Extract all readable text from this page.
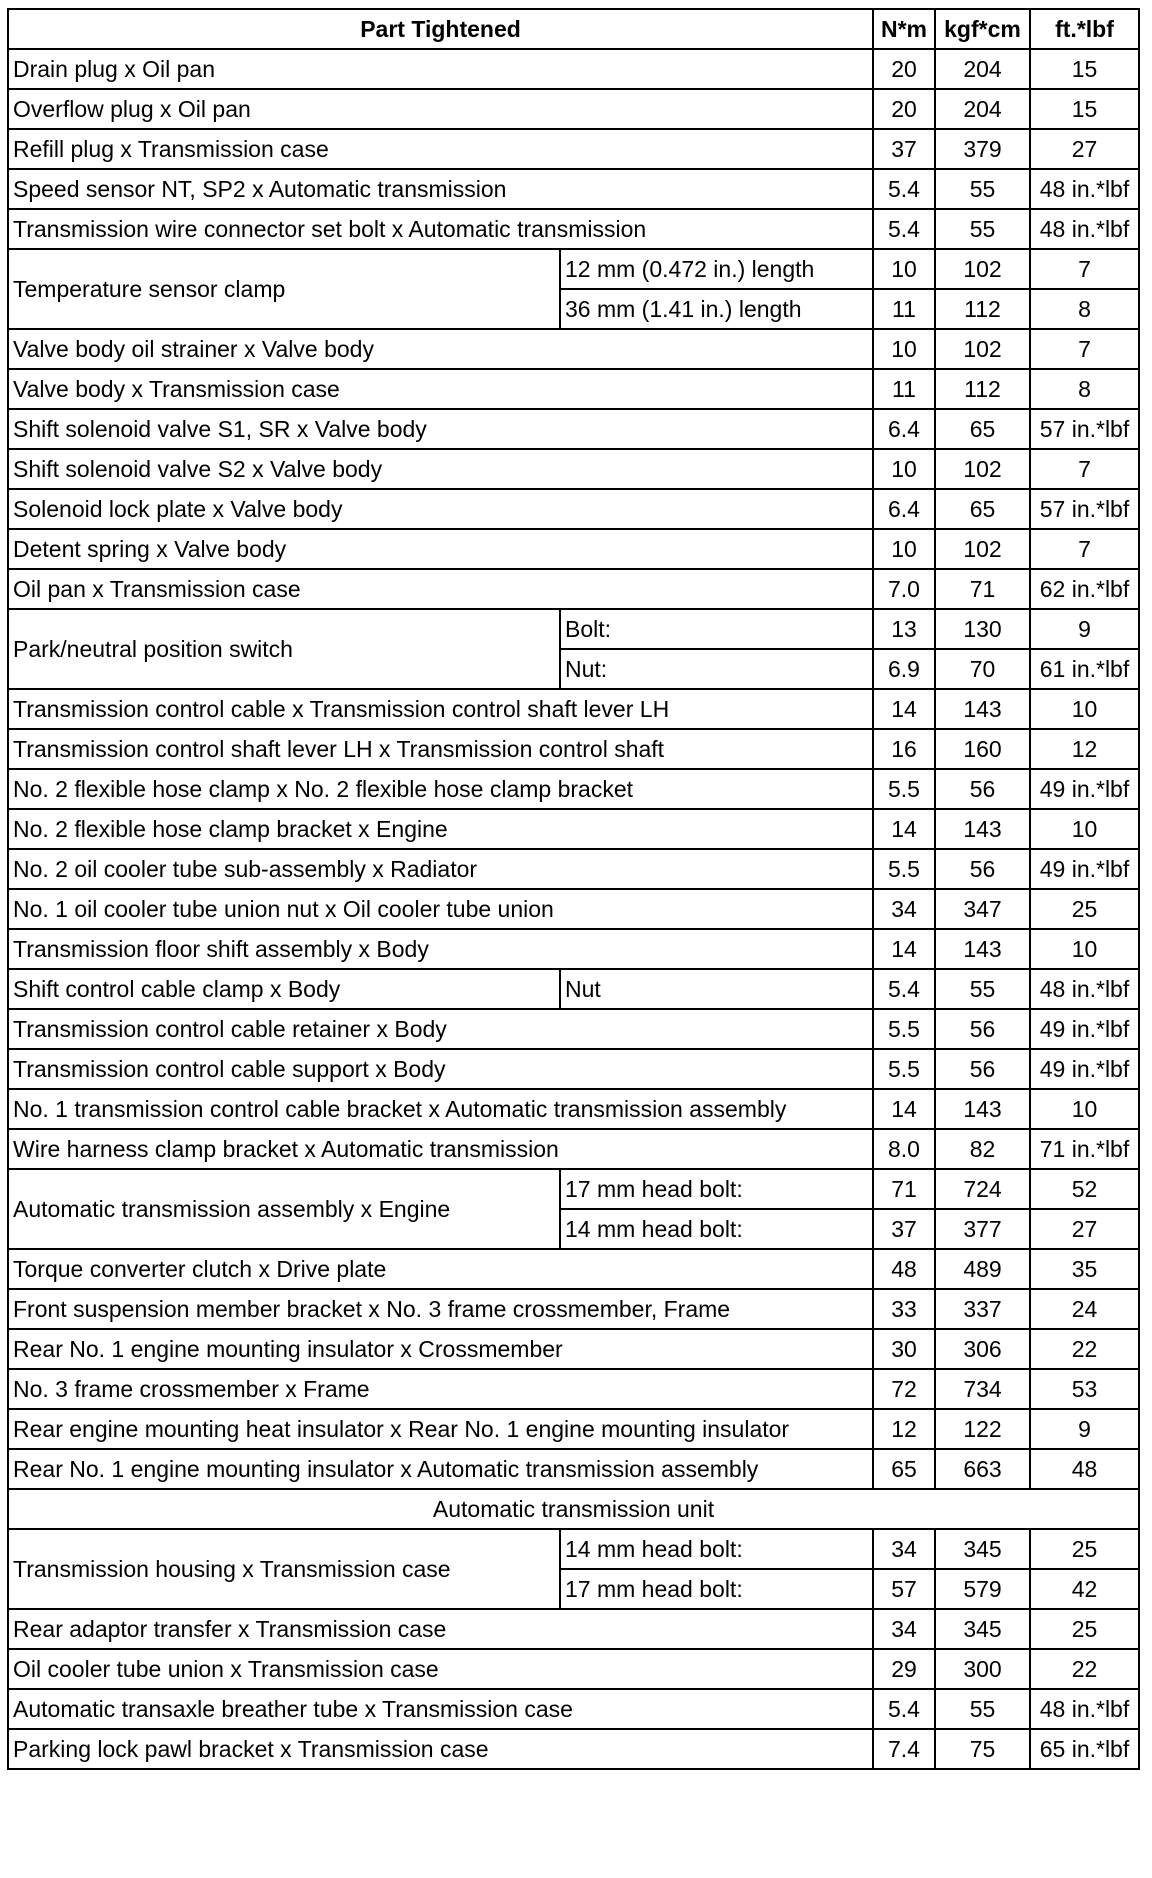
Part Tightened		N*m	kgf*cm	ft.*lbf
Drain plug x Oil pan		20	204	15
Overflow plug x Oil pan		20	204	15
Refill plug x Transmission case		37	379	27
Speed sensor NT, SP2 x Automatic transmission		5.4	55	48 in.*lbf
Transmission wire connector set bolt x Automatic transmission		5.4	55	48 in.*lbf
Temperature sensor clamp	12 mm (0.472 in.) length	10	102	7
	36 mm (1.41 in.) length	11	112	8
Valve body oil strainer x Valve body		10	102	7
Valve body x Transmission case		11	112	8
Shift solenoid valve S1, SR x Valve body		6.4	65	57 in.*lbf
Shift solenoid valve S2 x Valve body		10	102	7
Solenoid lock plate x Valve body		6.4	65	57 in.*lbf
Detent spring x Valve body		10	102	7
Oil pan x Transmission case		7.0	71	62 in.*lbf
Park/neutral position switch	Bolt:	13	130	9
	Nut:	6.9	70	61 in.*lbf
Transmission control cable x Transmission control shaft lever LH		14	143	10
Transmission control shaft lever LH x Transmission control shaft		16	160	12
No. 2 flexible hose clamp x No. 2 flexible hose clamp bracket		5.5	56	49 in.*lbf
No. 2 flexible hose clamp bracket x Engine		14	143	10
No. 2 oil cooler tube sub-assembly x Radiator		5.5	56	49 in.*lbf
No. 1 oil cooler tube union nut x Oil cooler tube union		34	347	25
Transmission floor shift assembly x Body		14	143	10
Shift control cable clamp x Body	Nut	5.4	55	48 in.*lbf
Transmission control cable retainer x Body		5.5	56	49 in.*lbf
Transmission control cable support x Body		5.5	56	49 in.*lbf
No. 1 transmission control cable bracket x Automatic transmission assembly		14	143	10
Wire harness clamp bracket x Automatic transmission		8.0	82	71 in.*lbf
Automatic transmission assembly x Engine	17 mm head bolt:	71	724	52
	14 mm head bolt:	37	377	27
Torque converter clutch x Drive plate		48	489	35
Front suspension member bracket x No. 3 frame crossmember, Frame		33	337	24
Rear No. 1 engine mounting insulator x Crossmember		30	306	22
No. 3 frame crossmember x Frame		72	734	53
Rear engine mounting heat insulator x Rear No. 1 engine mounting insulator		12	122	9
Rear No. 1 engine mounting insulator x Automatic transmission assembly		65	663	48
Automatic transmission unit				
Transmission housing x Transmission case	14 mm head bolt:	34	345	25
	17 mm head bolt:	57	579	42
Rear adaptor transfer x Transmission case		34	345	25
Oil cooler tube union x Transmission case		29	300	22
Automatic transaxle breather tube x Transmission case		5.4	55	48 in.*lbf
Parking lock pawl bracket x Transmission case		7.4	75	65 in.*lbf
